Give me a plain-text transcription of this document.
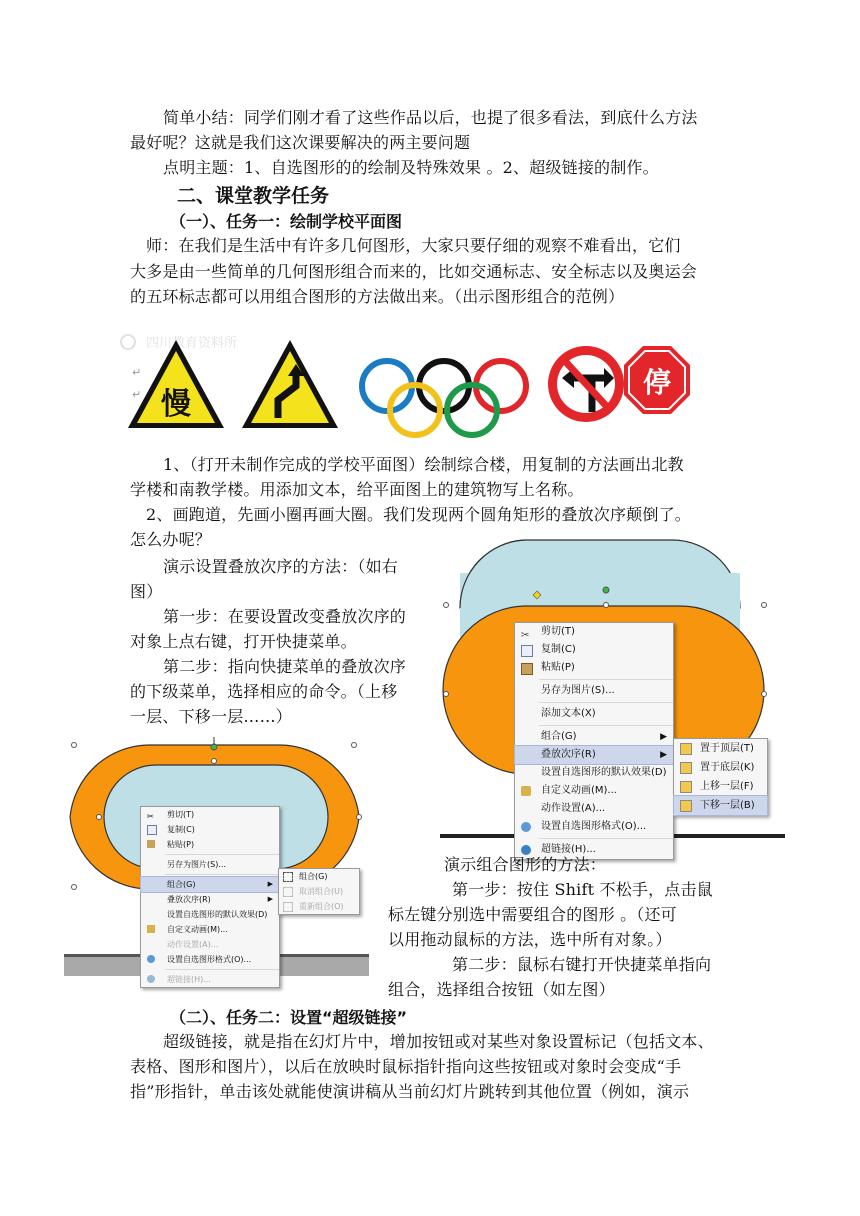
简单小结：同学们刚才看了这些作品以后，也提了很多看法，到底什么方法
最好呢？这就是我们这次课要解决的两主要问题
点明主题：1、自选图形的的绘制及特殊效果 。2、超级链接的制作。
二、课堂教学任务
（一）、任务一：绘制学校平面图
师：在我们是生活中有许多几何图形，大家只要仔细的观察不难看出，它们
大多是由一些简单的几何图形组合而来的，比如交通标志、安全标志以及奥运会
的五环标志都可以用组合图形的方法做出来。（出示图形组合的范例）
四川教育资料所
↵
↵ 慢
停
1、（打开未制作完成的学校平面图）绘制综合楼，用复制的方法画出北教
学楼和南教学楼。用添加文本，给平面图上的建筑物写上名称。
2、画跑道，先画小圈再画大圈。我们发现两个圆角矩形的叠放次序颠倒了。
怎么办呢？
演示设置叠放次序的方法：（如右
图）
第一步：在要设置改变叠放次序的
对象上点右键，打开快捷菜单。
第二步：指向快捷菜单的叠放次序
的下级菜单，选择相应的命令。（上移
一层、下移一层……）
✂ 剪切(T)
复制(C)
粘贴(P)
另存为图片(S)...
添加文本(X)
组合(G)	▶
叠放次序(R)	▶
设置自选图形的默认效果(D)
自定义动画(M)...
动作设置(A)...
设置自选图形格式(O)...
超链接(H)...
置于顶层(T)
置于底层(K)
上移一层(F)
下移一层(B)
✂	剪切(T)
复制(C)
粘贴(P)
另存为图片(S)...
组合(G)	▶
叠放次序(R)	▶
设置自选图形的默认效果(D)
自定义动画(M)...
动作设置(A)...
设置自选图形格式(O)...
超链接(H)...
组合(G)
取消组合(U)
重新组合(O)
演示组合图形的方法：
第一步：按住 Shift 不松手，点击鼠
标左键分别选中需要组合的图形 。（还可
以用拖动鼠标的方法，选中所有对象。）
第二步：鼠标右键打开快捷菜单指向
组合，选择组合按钮（如左图）
（二）、任务二：设置“超级链接”
超级链接，就是指在幻灯片中，增加按钮或对某些对象设置标记（包括文本、
表格、图形和图片），以后在放映时鼠标指针指向这些按钮或对象时会变成“手
指”形指针，单击该处就能使演讲稿从当前幻灯片跳转到其他位置（例如，演示
